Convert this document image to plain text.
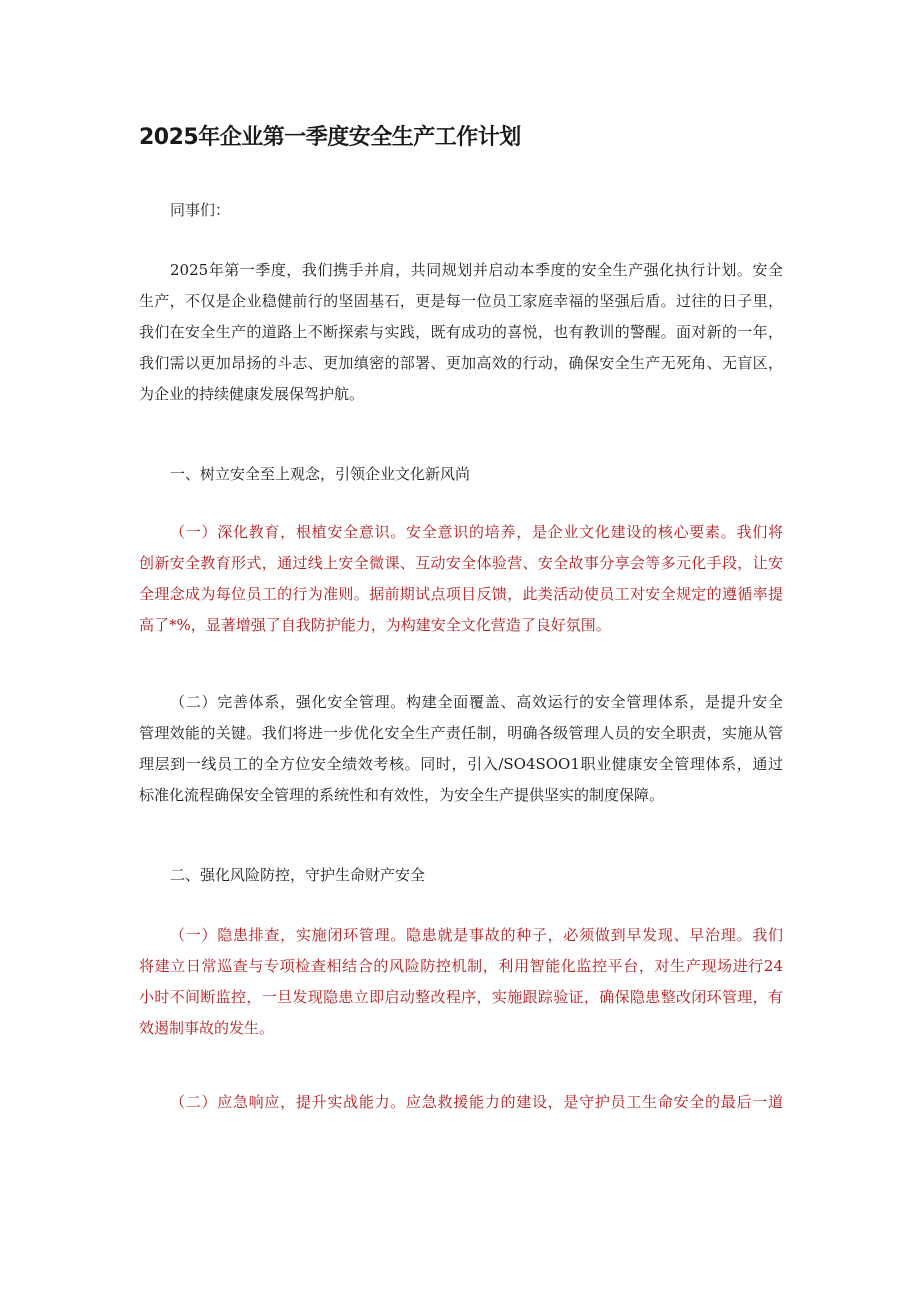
2025年企业第一季度安全生产工作计划
同事们：

2025年第一季度，我们携手并肩，共同规划并启动本季度的安全生产强化执行计划。安全
生产，不仅是企业稳健前行的坚固基石，更是每一位员工家庭幸福的坚强后盾。过往的日子里，
我们在安全生产的道路上不断探索与实践，既有成功的喜悦，也有教训的警醒。面对新的一年，
我们需以更加昂扬的斗志、更加缜密的部署、更加高效的行动，确保安全生产无死角、无盲区，
为企业的持续健康发展保驾护航。

一、树立安全至上观念，引领企业文化新风尚

（一）深化教育，根植安全意识。安全意识的培养，是企业文化建设的核心要素。我们将
创新安全教育形式，通过线上安全微课、互动安全体验营、安全故事分享会等多元化手段，让安
全理念成为每位员工的行为准则。据前期试点项目反馈，此类活动使员工对安全规定的遵循率提
高了*%，显著增强了自我防护能力，为构建安全文化营造了良好氛围。

（二）完善体系，强化安全管理。构建全面覆盖、高效运行的安全管理体系，是提升安全
管理效能的关键。我们将进一步优化安全生产责任制，明确各级管理人员的安全职责，实施从管
理层到一线员工的全方位安全绩效考核。同时，引入/SO4SOO1职业健康安全管理体系，通过
标准化流程确保安全管理的系统性和有效性，为安全生产提供坚实的制度保障。

二、强化风险防控，守护生命财产安全

（一）隐患排查，实施闭环管理。隐患就是事故的种子，必须做到早发现、早治理。我们
将建立日常巡查与专项检查相结合的风险防控机制，利用智能化监控平台，对生产现场进行24
小时不间断监控，一旦发现隐患立即启动整改程序，实施跟踪验证，确保隐患整改闭环管理，有
效遏制事故的发生。

（二）应急响应，提升实战能力。应急救援能力的建设，是守护员工生命安全的最后一道
